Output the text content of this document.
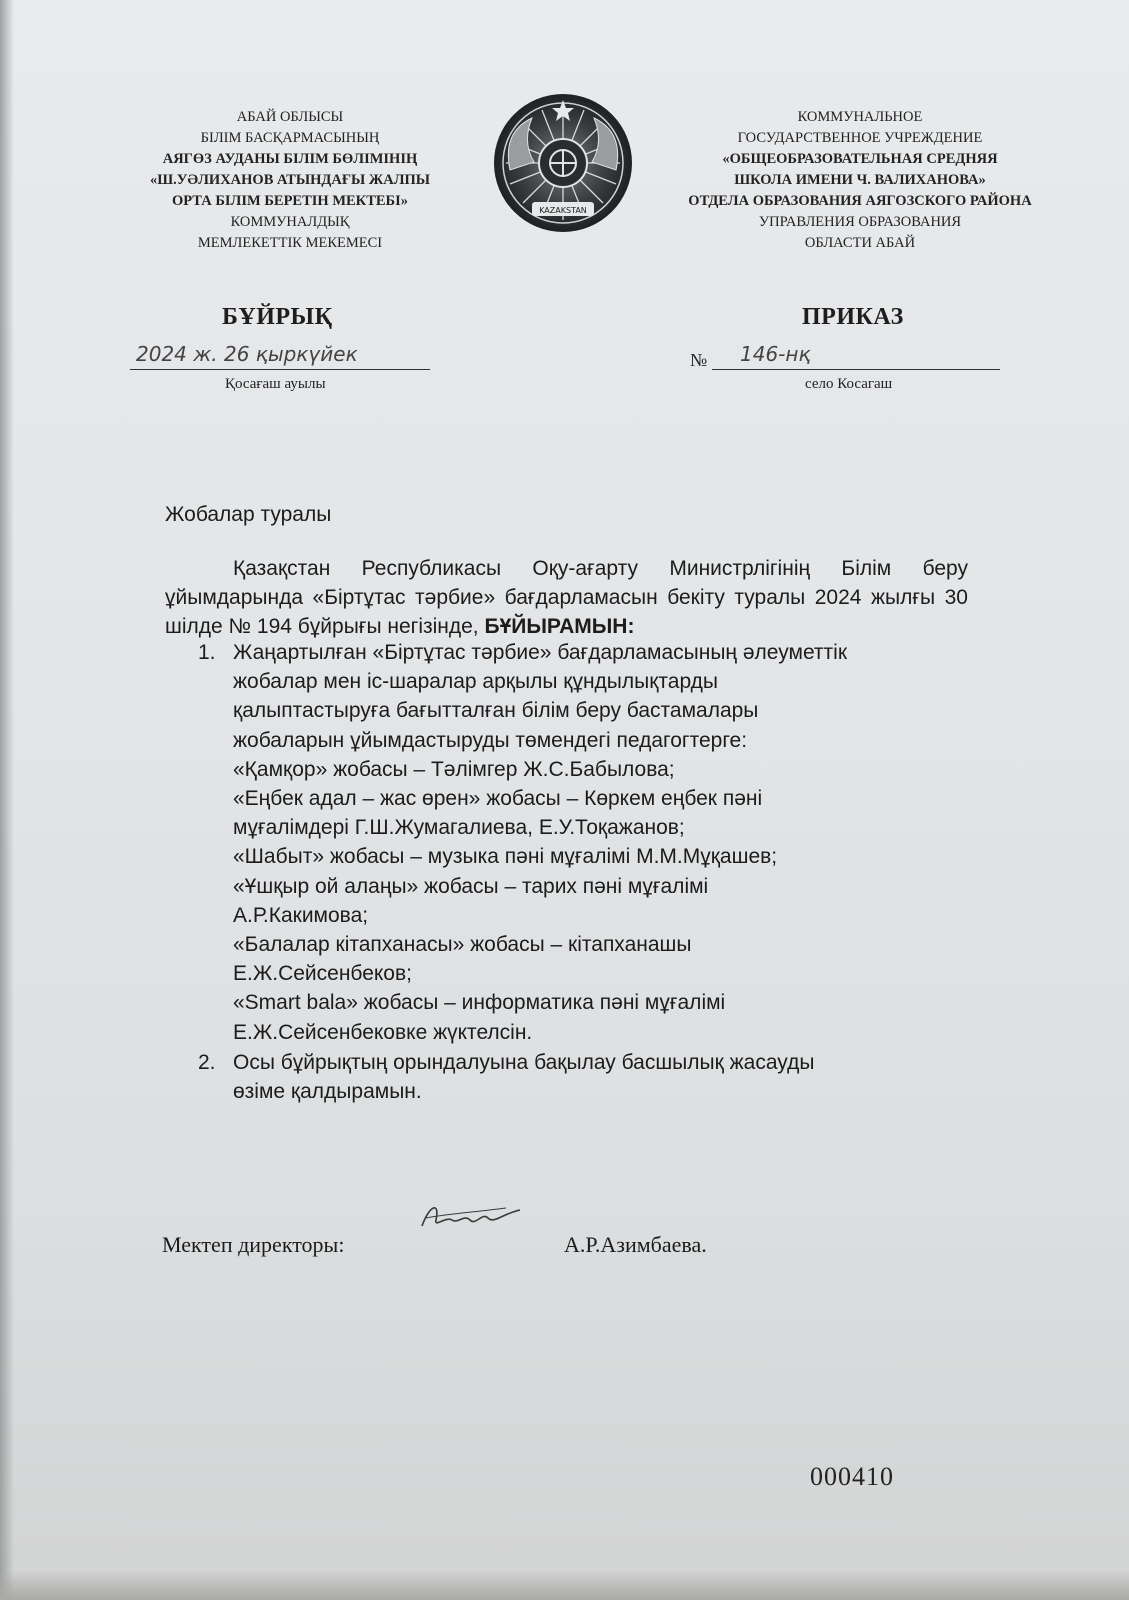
АБАЙ ОБЛЫСЫ
БІЛІМ БАСҚАРМАСЫНЫҢ
АЯГӨЗ АУДАНЫ БІЛІМ БӨЛІМІНІҢ
«Ш.УӘЛИХАНОВ АТЫНДАҒЫ ЖАЛПЫ
ОРТА БІЛІМ БЕРЕТІН МЕКТЕБІ»
КОММУНАЛДЫҚ
МЕМЛЕКЕТТІК МЕКЕМЕСІ
KAZAKSTAN
КОММУНАЛЬНОЕ
ГОСУДАРСТВЕННОЕ УЧРЕЖДЕНИЕ
«ОБЩЕОБРАЗОВАТЕЛЬНАЯ СРЕДНЯЯ
ШКОЛА ИМЕНИ Ч. ВАЛИХАНОВА»
ОТДЕЛА ОБРАЗОВАНИЯ АЯГОЗСКОГО РАЙОНА
УПРАВЛЕНИЯ ОБРАЗОВАНИЯ
ОБЛАСТИ АБАЙ
БҰЙРЫҚ	ПРИКАЗ
2024 ж. 26 қыркүйек
Қосағаш ауылы
№ 146-нқ
село Косагаш
Жобалар туралы
Қазақстан Республикасы Оқу-ағарту Министрлігінің Білім беру ұйымдарында «Біртұтас тәрбие» бағдарламасын бекіту туралы 2024 жылғы 30 шілде № 194 бұйрығы негізінде, БҰЙЫРАМЫН:
1. Жаңартылған «Біртұтас тәрбие» бағдарламасының әлеуметтік
жобалар мен іс-шаралар арқылы құндылықтарды
қалыптастыруға бағытталған білім беру бастамалары
жобаларын ұйымдастыруды төмендегі педагогтерге:
«Қамқор» жобасы – Тәлімгер Ж.С.Бабылова;
«Еңбек адал – жас өрен» жобасы – Көркем еңбек пәні
мұғалімдері Г.Ш.Жумагалиева, Е.У.Тоқажанов;
«Шабыт» жобасы – музыка пәні мұғалімі М.М.Мұқашев;
«Ұшқыр ой алаңы» жобасы – тарих пәні мұғалімі
А.Р.Какимова;
«Балалар кітапханасы» жобасы – кітапханашы
Е.Ж.Сейсенбеков;
«Smart bala» жобасы – информатика пәні мұғалімі
Е.Ж.Сейсенбековке жүктелсін.
2. Осы бұйрықтың орындалуына бақылау басшылық жасауды
өзіме қалдырамын.
Мектеп директоры:	А.Р.Азимбаева.
000410
